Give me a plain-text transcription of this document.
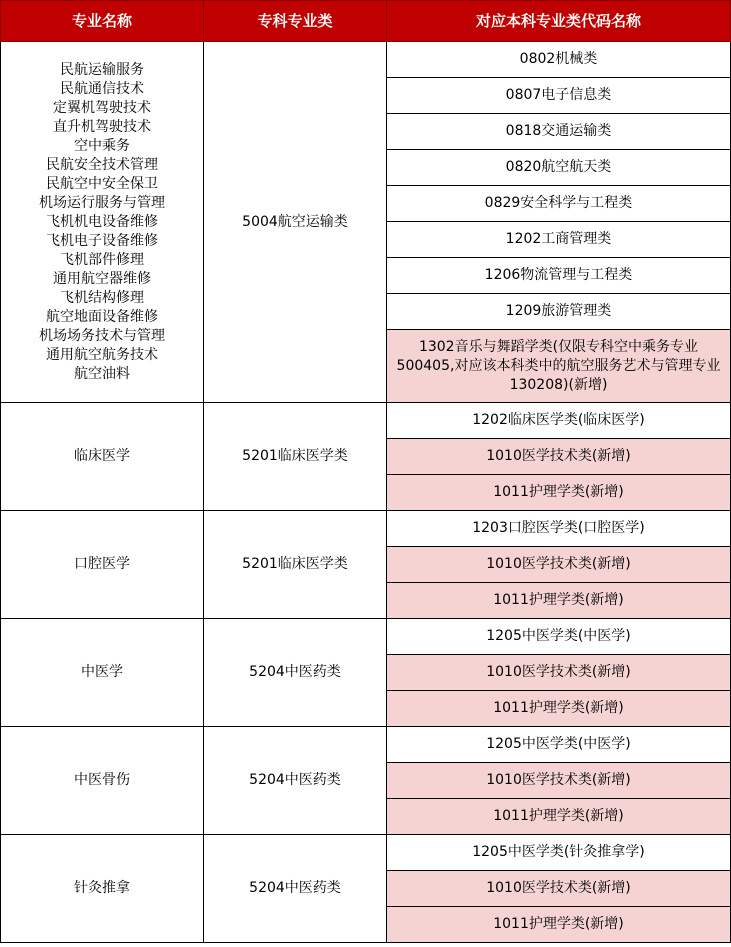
专业名称	专科专业类	对应本科专业类代码名称

民航运输服务
民航通信技术
定翼机驾驶技术
直升机驾驶技术
空中乘务
民航安全技术管理
民航空中安全保卫
机场运行服务与管理
飞机机电设备维修
飞机电子设备维修
飞机部件修理
通用航空器维修
飞机结构修理
航空地面设备维修
机场场务技术与管理
通用航空航务技术
航空油料
	5004航空运输类	0802机械类
		0807电子信息类
		0818交通运输类
		0820航空航天类
		0829安全科学与工程类
		1202工商管理类
		1206物流管理与工程类
		1209旅游管理类
		1302音乐与舞蹈学类(仅限专科空中乘务专业500405,对应该本科类中的航空服务艺术与管理专业130208)(新增)
临床医学	5201临床医学类	1202临床医学类(临床医学)
		1010医学技术类(新增)
		1011护理学类(新增)
口腔医学	5201临床医学类	1203口腔医学类(口腔医学)
		1010医学技术类(新增)
		1011护理学类(新增)
中医学	5204中医药类	1205中医学类(中医学)
		1010医学技术类(新增)
		1011护理学类(新增)
中医骨伤	5204中医药类	1205中医学类(中医学)
		1010医学技术类(新增)
		1011护理学类(新增)
针灸推拿	5204中医药类	1205中医学类(针灸推拿学)
		1010医学技术类(新增)
		1011护理学类(新增)
